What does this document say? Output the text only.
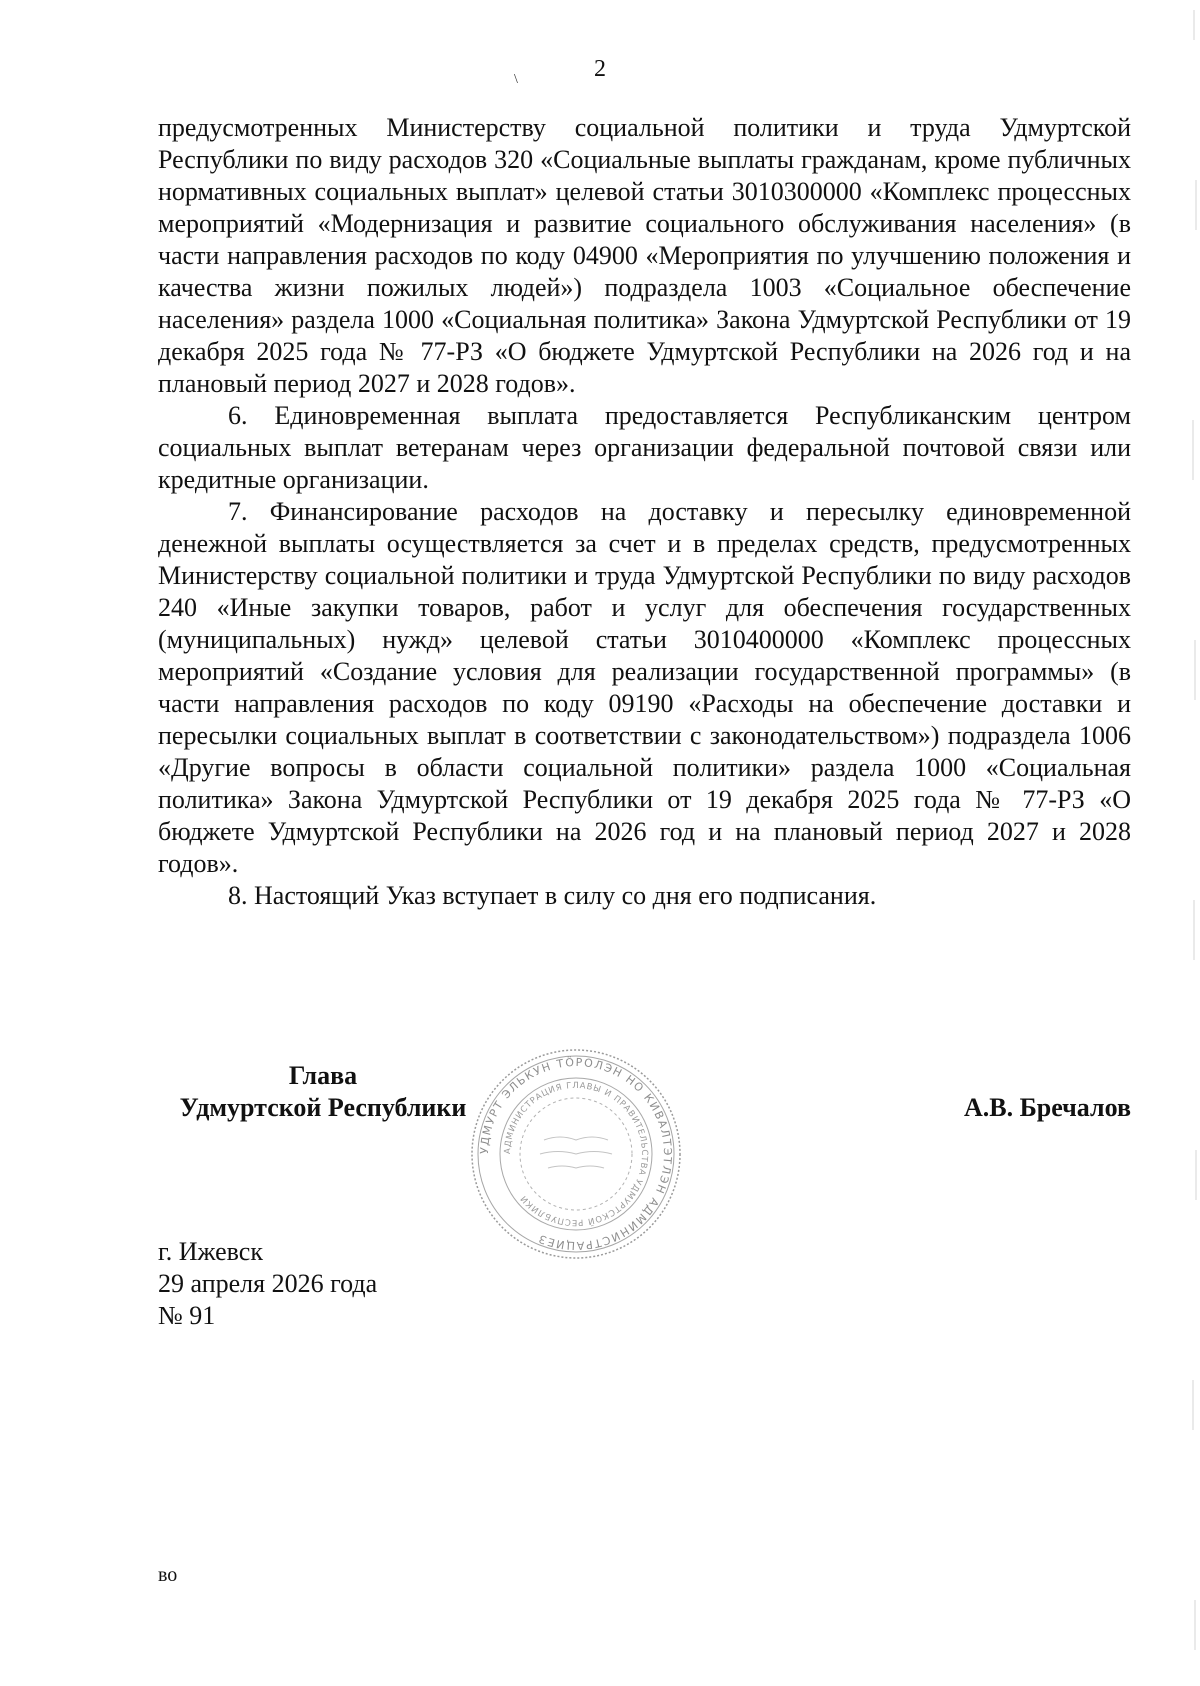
2
\

предусмотренных Министерству социальной политики и труда Удмуртской Республики по виду расходов 320 «Социальные выплаты гражданам, кроме публичных нормативных социальных выплат» целевой статьи 3010300000 «Комплекс процессных мероприятий «Модернизация и развитие социального обслуживания населения» (в части направления расходов по коду 04900 «Мероприятия по улучшению положения и качества жизни пожилых людей») подраздела 1003 «Социальное обеспечение населения» раздела 1000 «Социальная политика» Закона Удмуртской Республики от 19 декабря 2025 года № 77-РЗ «О бюджете Удмуртской Республики на 2026 год и на плановый период 2027 и 2028 годов».

6. Единовременная выплата предоставляется Республиканским центром социальных выплат ветеранам через организации федеральной почтовой связи или кредитные организации.

7. Финансирование расходов на доставку и пересылку единовременной денежной выплаты осуществляется за счет и в пределах средств, предусмотренных Министерству социальной политики и труда Удмуртской Республики по виду расходов 240 «Иные закупки товаров, работ и услуг для обеспечения государственных (муниципальных) нужд» целевой статьи 3010400000 «Комплекс процессных мероприятий «Создание условия для реализации государственной программы» (в части направления расходов по коду 09190 «Расходы на обеспечение доставки и пересылки социальных выплат в соответствии с законодательством») подраздела 1006 «Другие вопросы в области социальной политики» раздела 1000 «Социальная политика» Закона Удмуртской Республики от 19 декабря 2025 года № 77-РЗ «О бюджете Удмуртской Республики на 2026 год и на плановый период 2027 и 2028 годов».

8. Настоящий Указ вступает в силу со дня его подписания.

Глава
Удмуртской Республики
УДМУРТ ЭЛЬКУН ТӦРОЛЭН НО КИВАЛТЭТЛЭН АДМИНИСТРАЦИЕЗ
АДМИНИСТРАЦИЯ ГЛАВЫ И ПРАВИТЕЛЬСТВА УДМУРТСКОЙ РЕСПУБЛИКИ
А.В. Бречалов
г. Ижевск
29 апреля 2026 года
№ 91
во
